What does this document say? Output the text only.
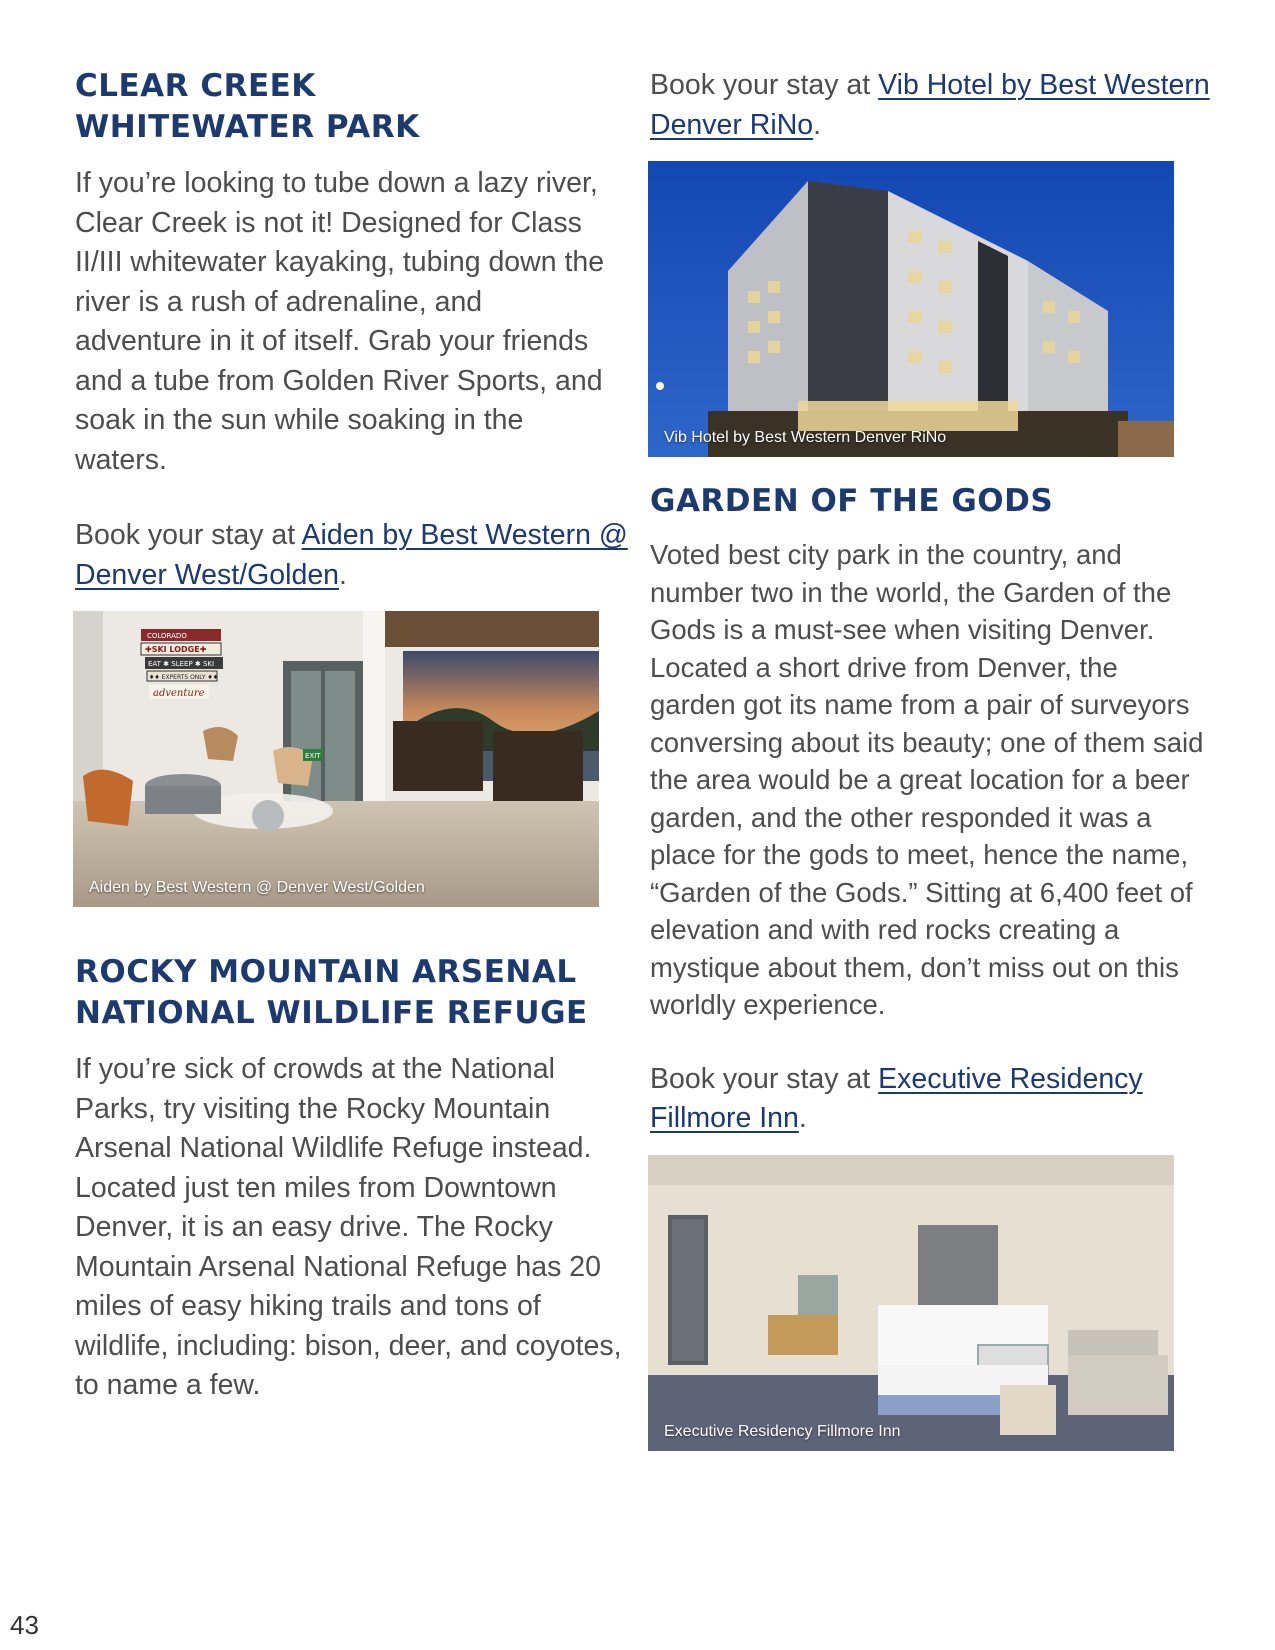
CLEAR CREEK
WHITEWATER PARK

If you’re looking to tube down a lazy river, Clear Creek is not it! Designed for Class II/III whitewater kayaking, tubing down the river is a rush of adrenaline, and adventure in it of itself. Grab your friends and a tube from Golden River Sports, and soak in the sun while soaking in the waters.

Book your stay at Aiden by Best Western @ Denver West/Golden.

COLORADO
✚SKI LODGE✚
EAT ✱ SLEEP ✱ SKI
♦♦ EXPERTS ONLY ♦♦
adventure
EXIT
Aiden by Best Western @ Denver West/Golden
ROCKY MOUNTAIN ARSENAL
NATIONAL WILDLIFE REFUGE

If you’re sick of crowds at the National Parks, try visiting the Rocky Mountain Arsenal National Wildlife Refuge instead. Located just ten miles from Downtown Denver, it is an easy drive. The Rocky Mountain Arsenal National Refuge has 20 miles of easy hiking trails and tons of wildlife, including: bison, deer, and coyotes, to name a few.

Book your stay at Vib Hotel by Best Western Denver RiNo.

Vib Hotel by Best Western Denver RiNo
GARDEN OF THE GODS

Voted best city park in the country, and number two in the world, the Garden of the Gods is a must-see when visiting Denver. Located a short drive from Denver, the garden got its name from a pair of surveyors conversing about its beauty; one of them said the area would be a great location for a beer garden, and the other responded it was a place for the gods to meet, hence the name, “Garden of the Gods.” Sitting at 6,400 feet of elevation and with red rocks creating a mystique about them, don’t miss out on this worldly experience.

Book your stay at Executive Residency Fillmore Inn.

Executive Residency Fillmore Inn
43
